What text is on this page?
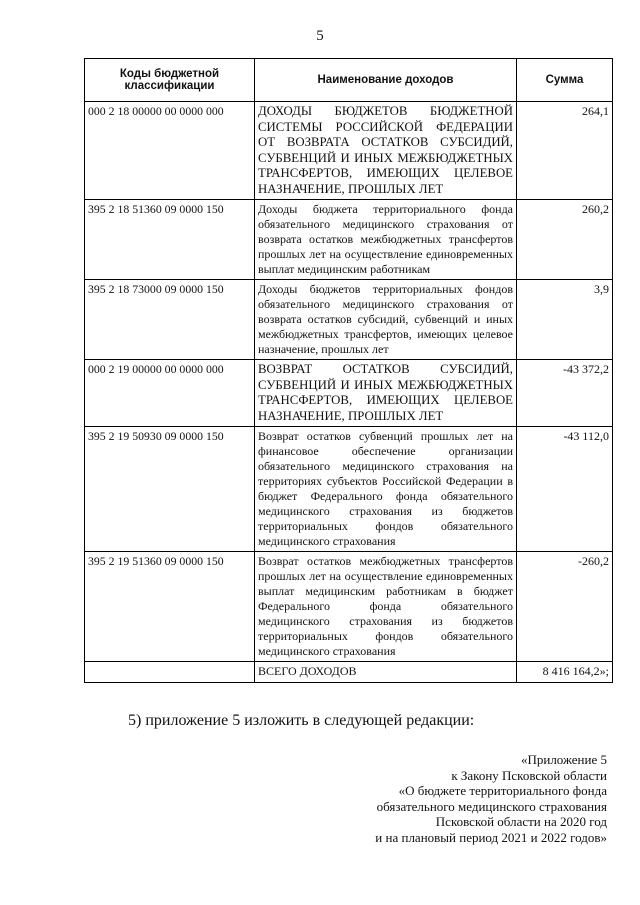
5
Коды бюджетной классификации	Наименование доходов	Сумма
000 2 18 00000 00 0000 000	ДОХОДЫ БЮДЖЕТОВ БЮДЖЕТНОЙ СИСТЕМЫ РОССИЙСКОЙ ФЕДЕРАЦИИ ОТ ВОЗВРАТА ОСТАТКОВ СУБСИДИЙ, СУБВЕНЦИЙ И ИНЫХ МЕЖБЮДЖЕТНЫХ ТРАНСФЕРТОВ, ИМЕЮЩИХ ЦЕЛЕВОЕ НАЗНАЧЕНИЕ, ПРОШЛЫХ ЛЕТ	264,1
395 2 18 51360 09 0000 150	Доходы бюджета территориального фонда обязательного медицинского страхования от возврата остатков межбюджетных трансфертов прошлых лет на осуществление единовременных выплат медицинским работникам	260,2
395 2 18 73000 09 0000 150	Доходы бюджетов территориальных фондов обязательного медицинского страхования от возврата остатков субсидий, субвенций и иных межбюджетных трансфертов, имеющих целевое назначение, прошлых лет	3,9
000 2 19 00000 00 0000 000	ВОЗВРАТ ОСТАТКОВ СУБСИДИЙ, СУБВЕНЦИЙ И ИНЫХ МЕЖБЮДЖЕТНЫХ ТРАНСФЕРТОВ, ИМЕЮЩИХ ЦЕЛЕВОЕ НАЗНАЧЕНИЕ, ПРОШЛЫХ ЛЕТ	-43 372,2
395 2 19 50930 09 0000 150	Возврат остатков субвенций прошлых лет на финансовое обеспечение организации обязательного медицинского страхования на территориях субъектов Российской Федерации в бюджет Федерального фонда обязательного медицинского страхования из бюджетов территориальных фондов обязательного медицинского страхования	-43 112,0
395 2 19 51360 09 0000 150	Возврат остатков межбюджетных трансфертов прошлых лет на осуществление единовременных выплат медицинским работникам в бюджет Федерального фонда обязательного медицинского страхования из бюджетов территориальных фондов обязательного медицинского страхования	-260,2
	ВСЕГО ДОХОДОВ	8 416 164,2»;
5) приложение 5 изложить в следующей редакции:
«Приложение 5
к Закону Псковской области
«О бюджете территориального фонда
обязательного медицинского страхования
Псковской области на 2020 год
и на плановый период 2021 и 2022 годов»
